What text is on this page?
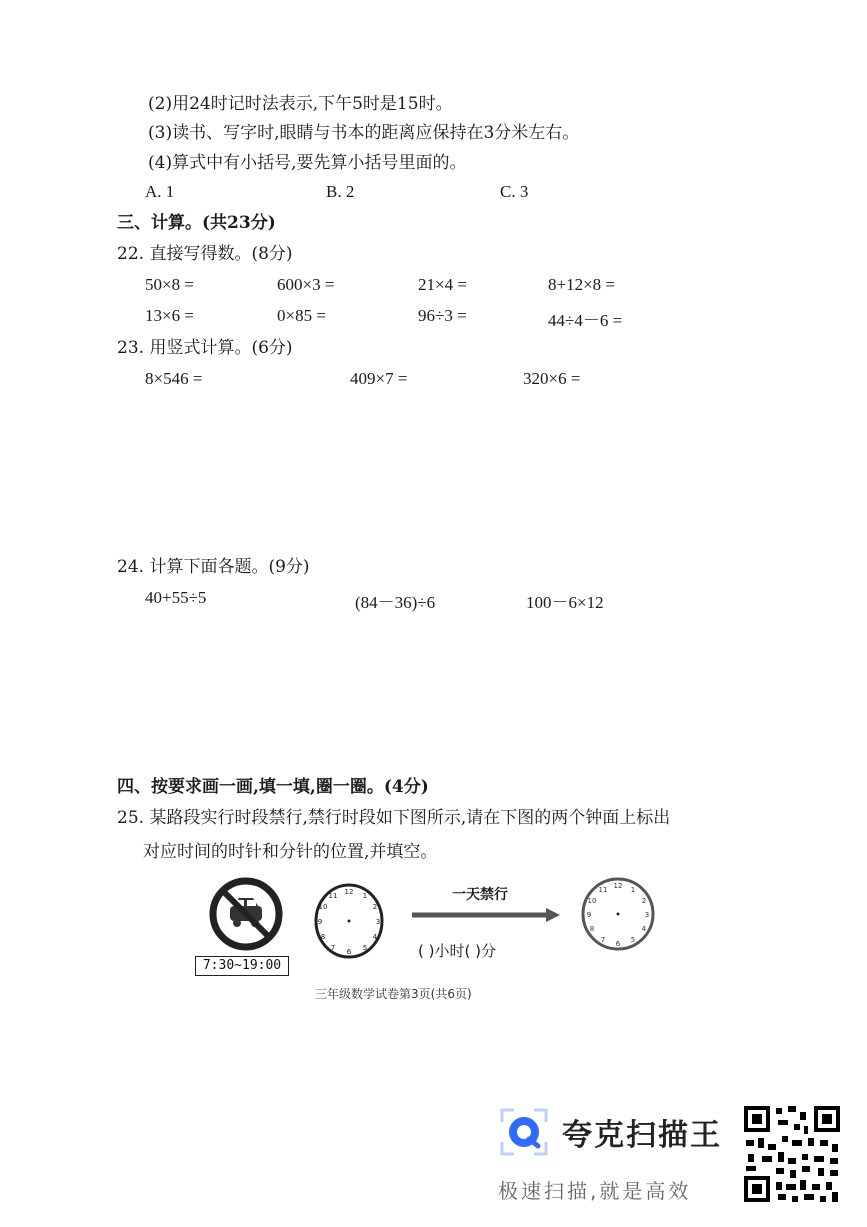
(2)用24时记时法表示,下午5时是15时。
(3)读书、写字时,眼睛与书本的距离应保持在3分米左右。
(4)算式中有小括号,要先算小括号里面的。
A. 1	B. 2	C. 3
三、计算。(共23分)
22. 直接写得数。(8分)
50×8 =	600×3 =	21×4 =	8+12×8 =
13×6 =	0×85 =	96÷3 =	44÷4－6 =
23. 用竖式计算。(6分)
8×546 =	409×7 =	320×6 =
24. 计算下面各题。(9分)
40+55÷5	(84－36)÷6	100－6×12
四、按要求画一画,填一填,圈一圈。(4分)
25. 某路段实行时段禁行,禁行时段如下图所示,请在下图的两个钟面上标出
对应时间的时针和分针的位置,并填空。
7:30~19:00
12 1
2
3
4
5
6
7
8
9
10
11	一天禁行
( )小时( )分
12 1
2
3
4
5
6
7
8
9
10
11
三年级数学试卷第3页(共6页)
夸克扫描王
极速扫描,就是高效
